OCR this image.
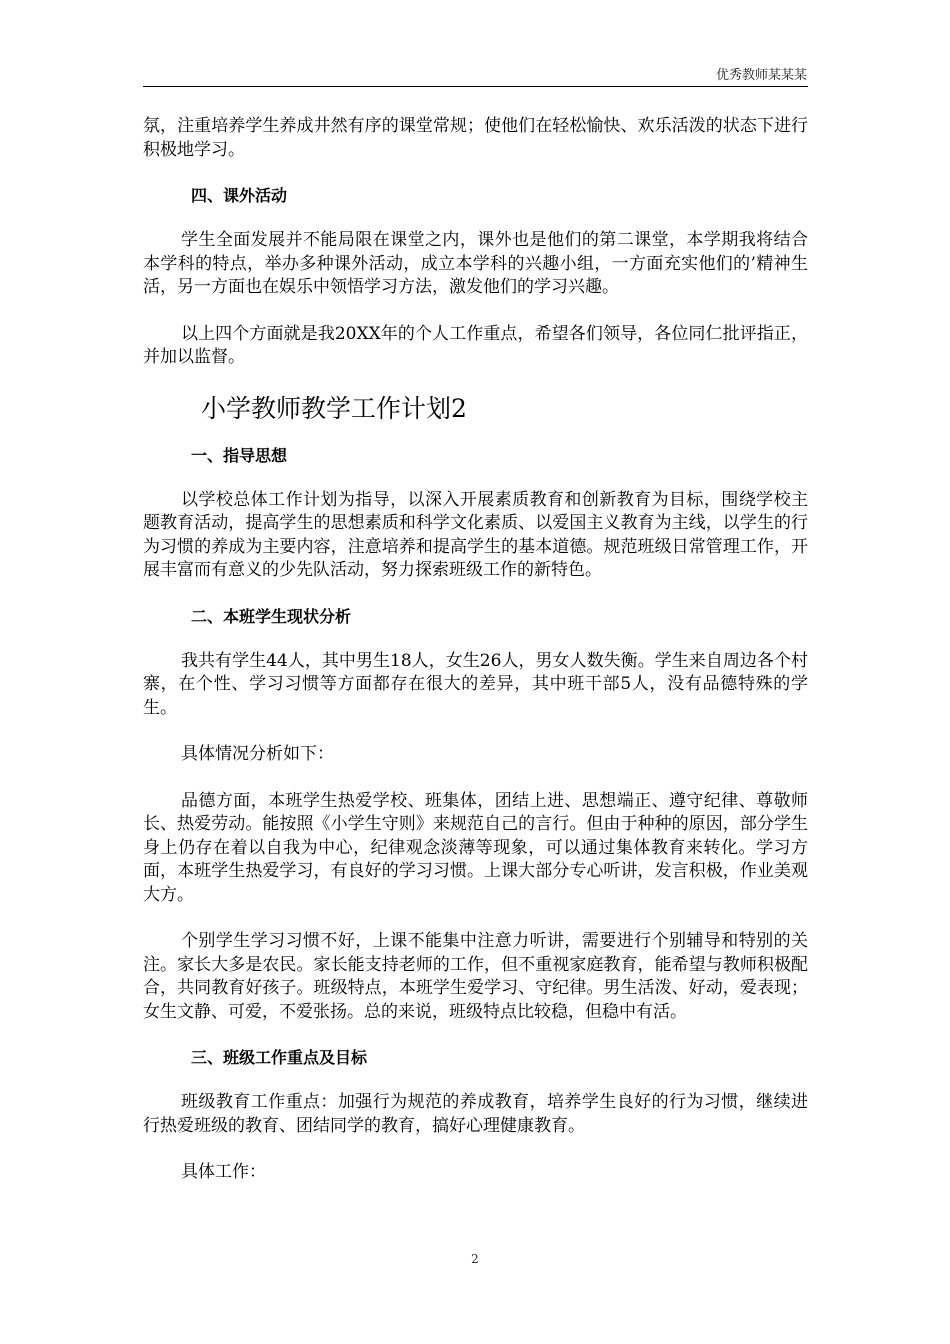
优秀教师某某某
氛，注重培养学生养成井然有序的课堂常规；使他们在轻松愉快、欢乐活泼的状态下进行积极地学习。
四、课外活动
学生全面发展并不能局限在课堂之内，课外也是他们的第二课堂，本学期我将结合本学科的特点，举办多种课外活动，成立本学科的兴趣小组，一方面充实他们的’精神生活，另一方面也在娱乐中领悟学习方法，激发他们的学习兴趣。
以上四个方面就是我20XX年的个人工作重点，希望各们领导，各位同仁批评指正，并加以监督。
小学教师教学工作计划2
一、指导思想
以学校总体工作计划为指导，以深入开展素质教育和创新教育为目标，围绕学校主题教育活动，提高学生的思想素质和科学文化素质、以爱国主义教育为主线，以学生的行为习惯的养成为主要内容，注意培养和提高学生的基本道德。规范班级日常管理工作，开展丰富而有意义的少先队活动，努力探索班级工作的新特色。
二、本班学生现状分析
我共有学生44人，其中男生18人，女生26人，男女人数失衡。学生来自周边各个村寨，在个性、学习习惯等方面都存在很大的差异，其中班干部5人，没有品德特殊的学生。
具体情况分析如下：
品德方面，本班学生热爱学校、班集体，团结上进、思想端正、遵守纪律、尊敬师长、热爱劳动。能按照《小学生守则》来规范自己的言行。但由于种种的原因，部分学生身上仍存在着以自我为中心，纪律观念淡薄等现象，可以通过集体教育来转化。学习方面，本班学生热爱学习，有良好的学习习惯。上课大部分专心听讲，发言积极，作业美观大方。
个别学生学习习惯不好，上课不能集中注意力听讲，需要进行个别辅导和特别的关注。家长大多是农民。家长能支持老师的工作，但不重视家庭教育，能希望与教师积极配合，共同教育好孩子。班级特点，本班学生爱学习、守纪律。男生活泼、好动，爱表现；女生文静、可爱，不爱张扬。总的来说，班级特点比较稳，但稳中有活。
三、班级工作重点及目标
班级教育工作重点：加强行为规范的养成教育，培养学生良好的行为习惯，继续进行热爱班级的教育、团结同学的教育，搞好心理健康教育。
具体工作：
2
